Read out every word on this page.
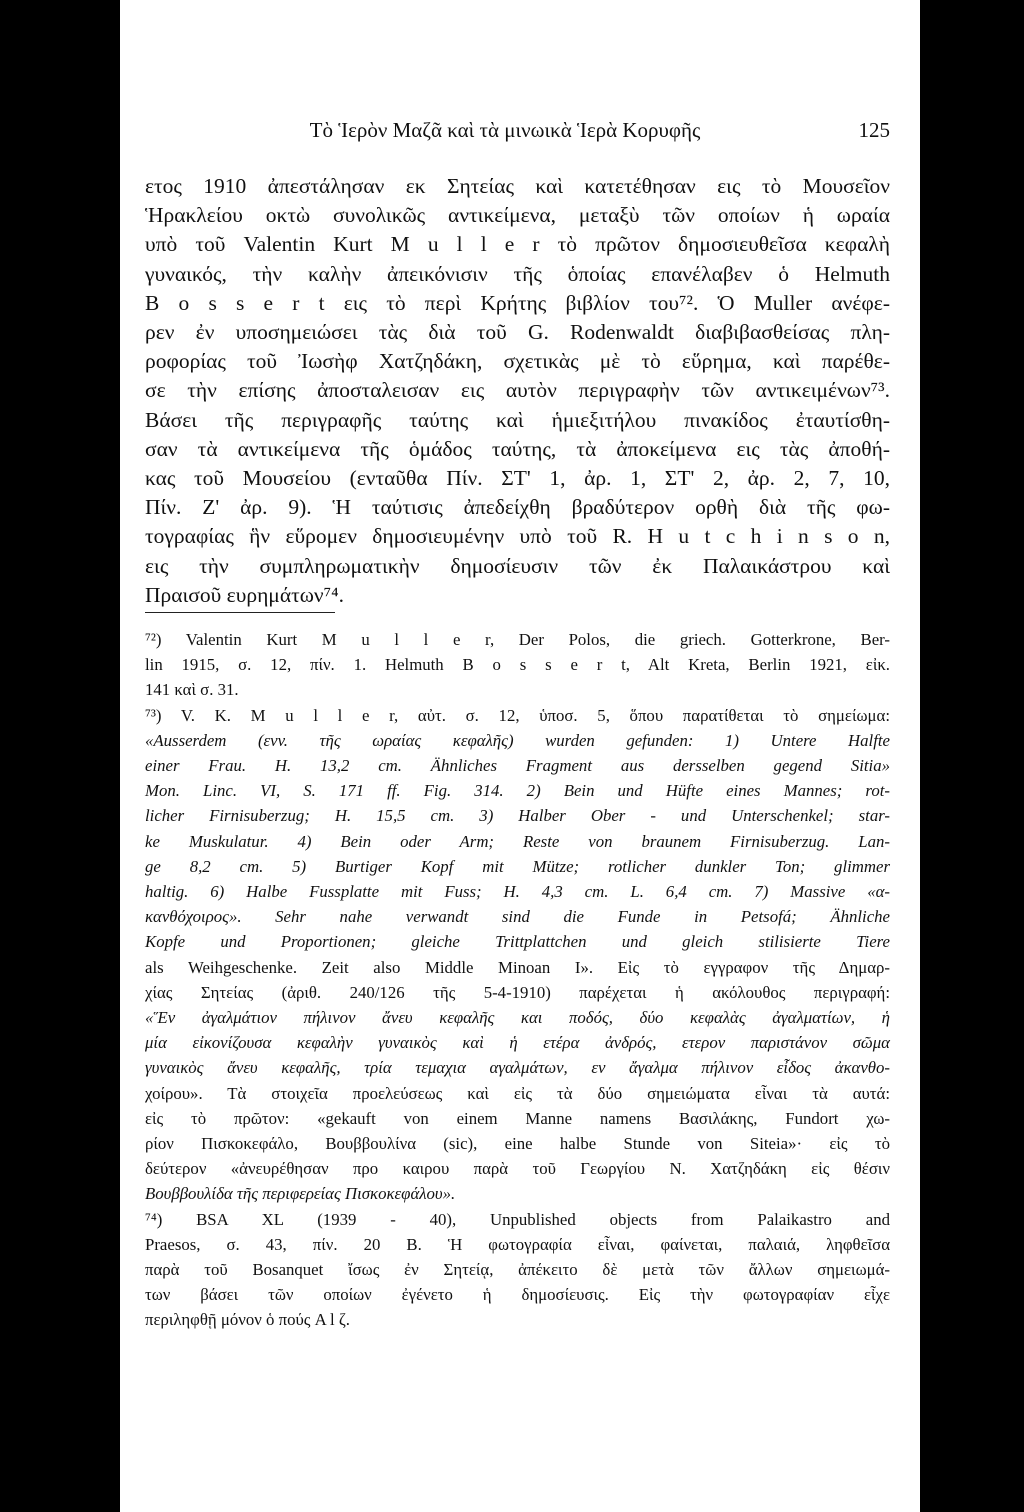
Τὸ Ἱερὸν Μαζᾶ καὶ τὰ μινωικὰ Ἱερὰ Κορυφῆς	125
ετος 1910 ἀπεστάλησαν εκ Σητείας καὶ κατετέθησαν εις τὸ Μουσεῖον
Ἡρακλείου οκτὼ συνολικῶς αντικείμενα, μεταξὺ τῶν οποίων ἡ ωραία
υπὸ τοῦ Valentin Kurt M u l l e r τὸ πρῶτον δημοσιευθεῖσα κεφαλὴ
γυναικός, τὴν καλὴν ἀπεικόνισιν τῆς ὁποίας επανέλαβεν ὁ Helmuth
B o s s e r t εις τὸ περὶ Κρήτης βιβλίον του⁷². Ὁ Muller ανέφε-
ρεν ἐν υποσημειώσει τὰς διὰ τοῦ G. Rodenwaldt διαβιβασθείσας πλη-
ροφορίας τοῦ Ἰωσὴφ Χατζηδάκη, σχετικὰς μὲ τὸ εὕρημα, καὶ παρέθε-
σε τὴν επίσης ἀποσταλεισαν εις αυτὸν περιγραφὴν τῶν αντικειμένων⁷³.
Βάσει τῆς περιγραφῆς ταύτης καὶ ἡμιεξιτήλου πινακίδος ἐταυτίσθη-
σαν τὰ αντικείμενα τῆς ὁμάδος ταύτης, τὰ ἀποκείμενα εις τὰς ἀποθή-
κας τοῦ Μουσείου (ενταῦθα Πίν. ΣΤ' 1, ἀρ. 1, ΣΤ' 2, ἀρ. 2, 7, 10,
Πίν. Ζ' ἀρ. 9). Ἡ ταύτισις ἀπεδείχθη βραδύτερον ορθὴ διὰ τῆς φω-
τογραφίας ἣν εὕρομεν δημοσιευμένην υπὸ τοῦ R. H u t c h i n s o n,
εις τὴν συμπληρωματικὴν δημοσίευσιν τῶν ἐκ Παλαικάστρου καὶ
Πραισοῦ ευρημάτων⁷⁴.
⁷²) Valentin Kurt M u l l e r, Der Polos, die griech. Gotterkrone, Ber-
lin 1915, σ. 12, πίν. 1. Helmuth B o s s e r t, Alt Kreta, Berlin 1921, εἰκ.
141 καὶ σ. 31.
⁷³) V. K. M u l l e r, αὐτ. σ. 12, ὑποσ. 5, ὅπου παρατίθεται τὸ σημείωμα:
«Ausserdem (εvv. τῆς ωραίας κεφαλῆς) wurden gefunden: 1) Untere Halfte
einer Frau. H. 13,2 cm. Ähnliches Fragment aus dersselben gegend Sitia»
Mon. Linc. VI, S. 171 ff. Fig. 314. 2) Bein und Hüfte eines Mannes; rot-
licher Firnisuberzug; H. 15,5 cm. 3) Halber Ober - und Unterschenkel; star-
ke Muskulatur. 4) Bein oder Arm; Reste von braunem Firnisuberzug. Lan-
ge 8,2 cm. 5) Burtiger Kopf mit Mütze; rotlicher dunkler Ton; glimmer
haltig. 6) Halbe Fussplatte mit Fuss; H. 4,3 cm. L. 6,4 cm. 7) Massive «α-
κανθόχοιρος». Sehr nahe verwandt sind die Funde in Petsofá; Ähnliche
Kopfe und Proportionen; gleiche Trittplattchen und gleich stilisierte Tiere
als Weihgeschenke. Zeit also Middle Minoan I». Εἰς τὸ εγγραφον τῆς Δημαρ-
χίας Σητείας (ἀριθ. 240/126 τῆς 5-4-1910) παρέχεται ἡ ακόλουθος περιγραφή:
«Ἕν ἀγαλμάτιον πήλινον ἄνευ κεφαλῆς και ποδός, δύο κεφαλὰς ἀγαλματίων, ἡ
μία εἰκονίζουσα κεφαλὴν γυναικὸς καὶ ἡ ετέρα ἀνδρός, ετερον παριστάνον σῶμα
γυναικὸς ἄνευ κεφαλῆς, τρία τεμαχια αγαλμάτων, εν ἄγαλμα πήλινον εἶδος ἀκανθο-
χοίρου». Τὰ στοιχεῖα προελεύσεως καὶ εἰς τὰ δύο σημειώματα εἶναι τὰ αυτά:
εἰς τὸ πρῶτον: «gekauft von einem Manne namens Βασιλάκης, Fundort χω-
ρίον Πισκοκεφάλο, Βουββουλίνα (sic), eine halbe Stunde von Siteia»· εἰς τὸ
δεύτερον «ἀνευρέθησαν προ καιρου παρὰ τοῦ Γεωργίου Ν. Χατζηδάκη εἰς θέσιν
Βουββουλίδα τῆς περιφερείας Πισκοκεφάλου».
⁷⁴) BSA XL (1939 - 40), Unpublished objects from Palaikastro and
Praesos, σ. 43, πίν. 20 B. Ἡ φωτογραφία εἶναι, φαίνεται, παλαιά, ληφθεῖσα
παρὰ τοῦ Bosanquet ἴσως ἐν Σητείᾳ, ἀπέκειτο δὲ μετὰ τῶν ἄλλων σημειωμά-
των βάσει τῶν οποίων ἐγένετο ἡ δημοσίευσις. Εἰς τὴν φωτογραφίαν εἶχε
περιληφθῇ μόνον ὁ πούς A l ζ.
